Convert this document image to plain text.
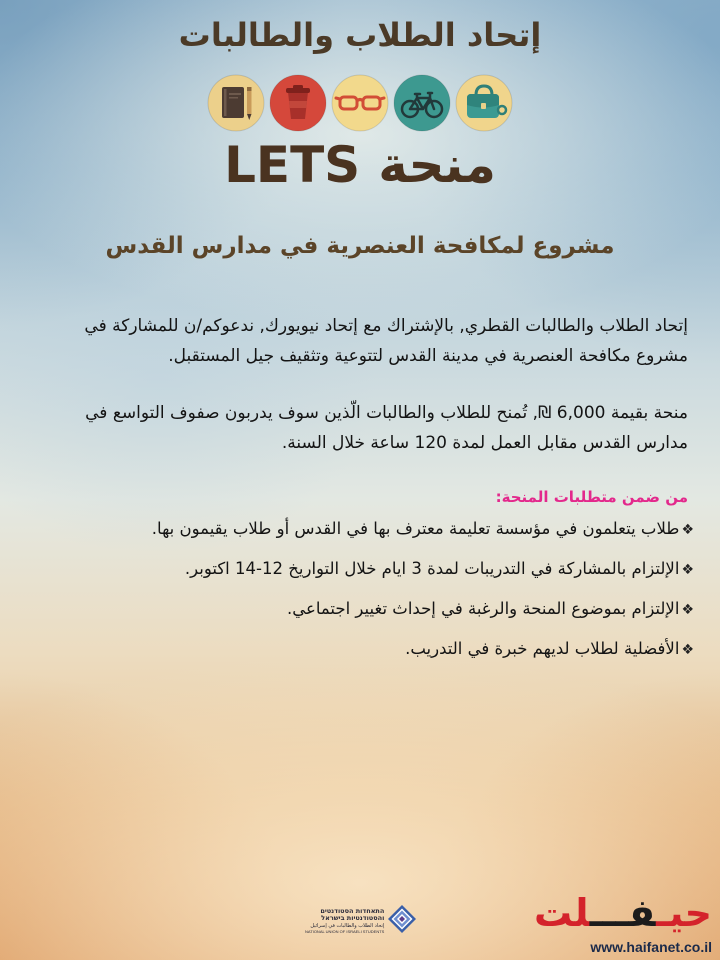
إتحاد الطلاب والطالبات
منحة
LETS
مشروع لمكافحة العنصرية في مدارس القدس

إتحاد الطلاب والطالبات القطري, بالإشتراك مع إتحاد نيويورك, ندعوكم/ن للمشاركة في مشروع مكافحة العنصرية في مدينة القدس لتتوعية وتثقيف جيل المستقبل.

منحة بقيمة 6,000 ₪, تُمنح للطلاب والطالبات الّذين سوف يدربون صفوف التواسع في مدارس القدس مقابل العمل لمدة 120 ساعة خلال السنة.

من ضمن متطلبات المنحة:
❖طلاب يتعلمون في مؤسسة تعليمة معترف بها في القدس أو طلاب يقيمون بها.
❖الإلتزام بالمشاركة في التدريبات لمدة 3 ايام خلال التواريخ 12-14 اكتوبر.
❖الإلتزام بموضوع المنحة والرغبة في إحداث تغيير اجتماعي.
❖الأفضلية لطلاب لديهم خبرة في التدريب.
התאחדות הסטודנטים
והסטודנטיות בישראל
إتحاد الطلاب والطالبات في إسرائيل
NATIONAL UNION OF ISRAELI STUDENTS	حيـفـــلت
www.haifanet.co.il
